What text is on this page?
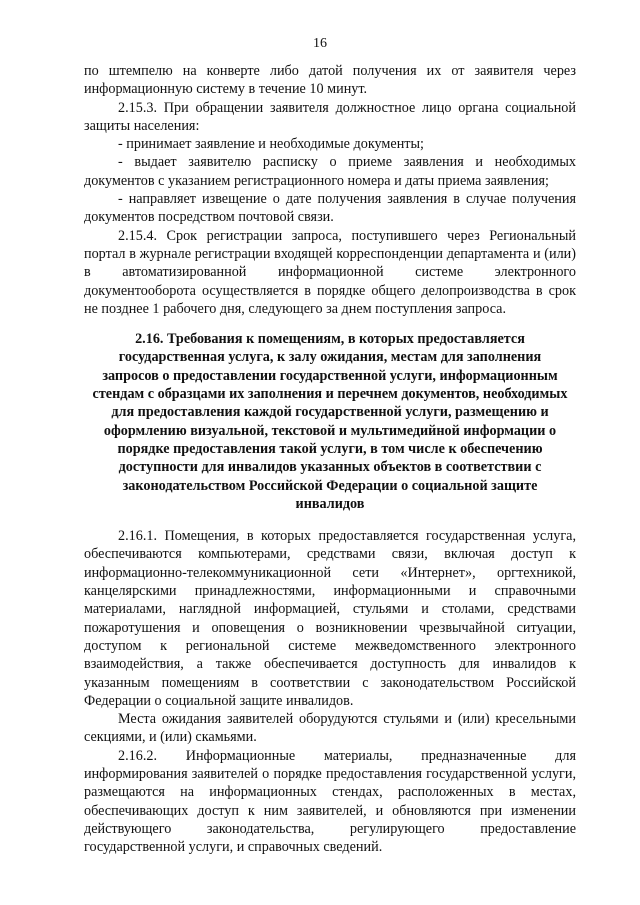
16

по штемпелю на конверте либо датой получения их от заявителя через информационную систему в течение 10 минут.

2.15.3. При обращении заявителя должностное лицо органа социальной защиты населения:

- принимает заявление и необходимые документы;

- выдает заявителю расписку о приеме заявления и необходимых документов с указанием регистрационного номера и даты приема заявления;

- направляет извещение о дате получения заявления в случае получения документов посредством почтовой связи.

2.15.4. Срок регистрации запроса, поступившего через Региональный портал в журнале регистрации входящей корреспонденции департамента и (или) в автоматизированной информационной системе электронного документооборота осуществляется в порядке общего делопроизводства в срок не позднее 1 рабочего дня, следующего за днем поступления запроса.

2.16. Требования к помещениям, в которых предоставляется государственная услуга, к залу ожидания, местам для заполнения запросов о предоставлении государственной услуги, информационным стендам с образцами их заполнения и перечнем документов, необходимых для предоставления каждой государственной услуги, размещению и оформлению визуальной, текстовой и мультимедийной информации о порядке предоставления такой услуги, в том числе к обеспечению доступности для инвалидов указанных объектов в соответствии с законодательством Российской Федерации о социальной защите инвалидов

2.16.1. Помещения, в которых предоставляется государственная услуга, обеспечиваются компьютерами, средствами связи, включая доступ к информационно-телекоммуникационной сети «Интернет», оргтехникой, канцелярскими принадлежностями, информационными и справочными материалами, наглядной информацией, стульями и столами, средствами пожаротушения и оповещения о возникновении чрезвычайной ситуации, доступом к региональной системе межведомственного электронного взаимодействия, а также обеспечивается доступность для инвалидов к указанным помещениям в соответствии с законодательством Российской Федерации о социальной защите инвалидов.

Места ожидания заявителей оборудуются стульями и (или) кресельными секциями, и (или) скамьями.

2.16.2. Информационные материалы, предназначенные для информирования заявителей о порядке предоставления государственной услуги, размещаются на информационных стендах, расположенных в местах, обеспечивающих доступ к ним заявителей, и обновляются при изменении действующего законодательства, регулирующего предоставление государственной услуги, и справочных сведений.
